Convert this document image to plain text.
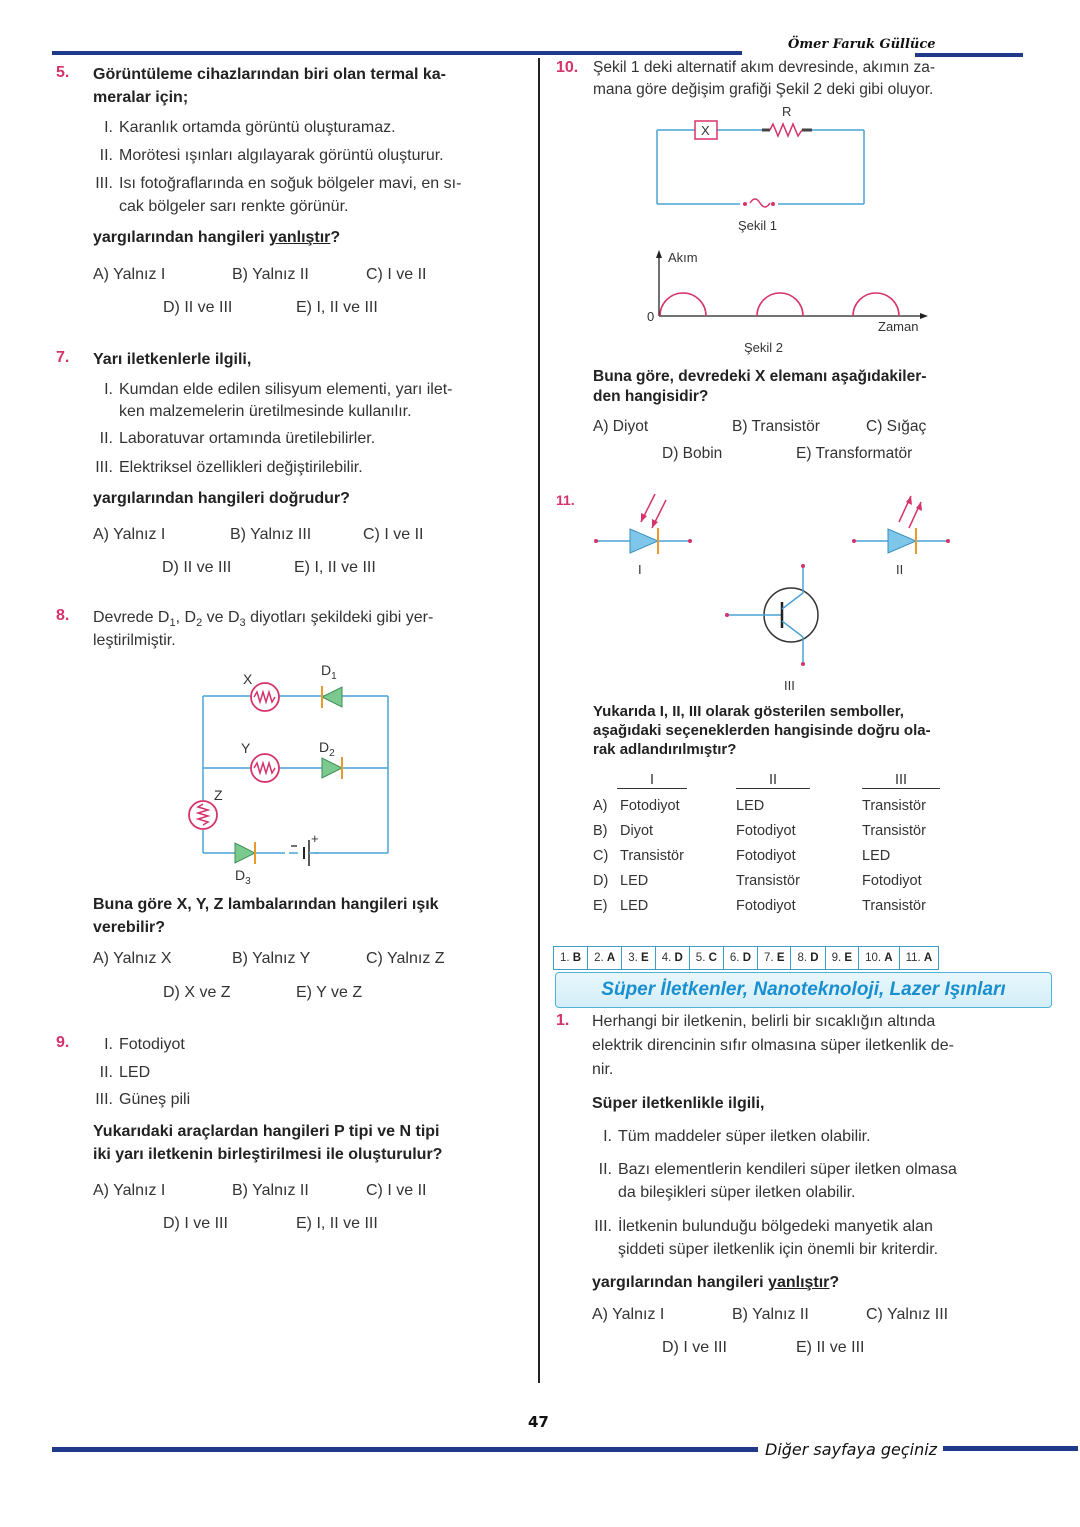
Ömer Faruk Güllüce
5. Görüntüleme cihazlarından biri olan termal ka-
meralar için;
I. Karanlık ortamda görüntü oluşturamaz.
II. Morötesi ışınları algılayarak görüntü oluşturur.
III. Isı fotoğraflarında en soğuk bölgeler mavi, en sı-
cak bölgeler sarı renkte görünür.
yargılarından hangileri yanlıştır?
A) Yalnız I	B) Yalnız II	C) I ve II
D) II ve III	E) I, II ve III
7. Yarı iletkenlerle ilgili,
I. Kumdan elde edilen silisyum elementi, yarı ilet-
ken malzemelerin üretilmesinde kullanılır.
II. Laboratuvar ortamında üretilebilirler.
III. Elektriksel özellikleri değiştirilebilir.
yargılarından hangileri doğrudur?
A) Yalnız I	B) Yalnız III	C) I ve II
D) II ve III	E) I, II ve III
8. Devrede $D_1$, $D_2$ ve $D_3$ diyotları şekildeki gibi yer-
leştirilmiştir.
X
$D_1$
Y	$D_2$
Z
$D_3$
+
Buna göre X, Y, Z lambalarından hangileri ışık
verebilir?
A) Yalnız X	B) Yalnız Y	C) Yalnız Z
D) X ve Z	E) Y ve Z
9.	I. Fotodiyot
II. LED
III. Güneş pili
Yukarıdaki araçlardan hangileri P tipi ve N tipi
iki yarı iletkenin birleştirilmesi ile oluşturulur?
A) Yalnız I	B) Yalnız II	C) I ve II
D) I ve III	E) I, II ve III
10. Şekil 1 deki alternatif akım devresinde, akımın za-
mana göre değişim grafiği Şekil 2 deki gibi oluyor.
X
R
Şekil 1
Akım
0
Zaman
Şekil 2
Buna göre, devredeki X elemanı aşağıdakiler-
den hangisidir?
A) Diyot	B) Transistör	C) Sığaç
D) Bobin	E) Transformatör
11.
I	II
III
Yukarıda I, II, III olarak gösterilen semboller,
aşağıdaki seçeneklerden hangisinde doğru ola-
rak adlandırılmıştır?
I	II	III
A) Fotodiyot	LED	Transistör
B) Diyot	Fotodiyot	Transistör
C) Transistör	Fotodiyot	LED
D) LED	Transistör	Fotodiyot
E) LED	Fotodiyot	Transistör
1. B	2. A	3. E	4. D	5. C	6. D	7. E	8. D	9. E	10. A	11. A
Süper İletkenler, Nanoteknoloji, Lazer Işınları
1. Herhangi bir iletkenin, belirli bir sıcaklığın altında
elektrik direncinin sıfır olmasına süper iletkenlik de-
nir.
Süper iletkenlikle ilgili,
I. Tüm maddeler süper iletken olabilir.
II. Bazı elementlerin kendileri süper iletken olmasa
da bileşikleri süper iletken olabilir.
III. İletkenin bulunduğu bölgedeki manyetik alan
şiddeti süper iletkenlik için önemli bir kriterdir.
yargılarından hangileri yanlıştır?
A) Yalnız I	B) Yalnız II	C) Yalnız III
D) I ve III	E) II ve III
47
Diğer sayfaya geçiniz
